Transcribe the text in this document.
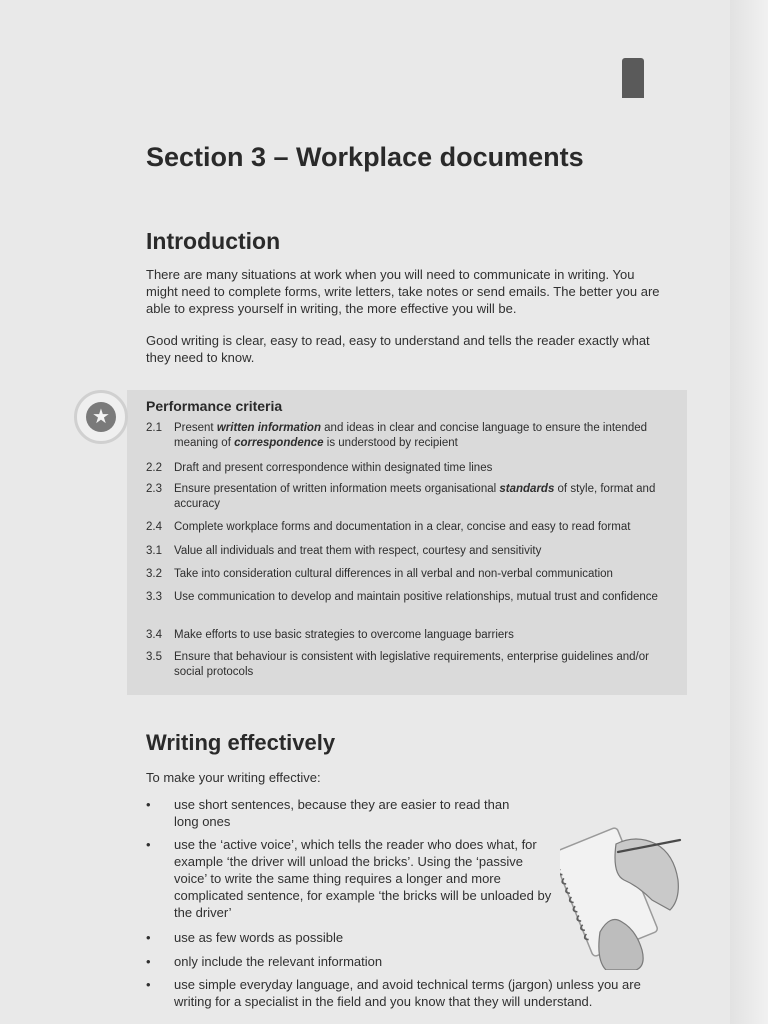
Section 3 – Workplace documents
Introduction

There are many situations at work when you will need to communicate in writing. You might need to complete forms, write letters, take notes or send emails. The better you are able to express yourself in writing, the more effective you will be.

Good writing is clear, easy to read, easy to understand and tells the reader exactly what they need to know.

★	Performance criteria
2.1 Present written information and ideas in clear and concise language to ensure the intended meaning of correspondence is understood by recipient
2.2 Draft and present correspondence within designated time lines
2.3 Ensure presentation of written information meets organisational standards of style, format and accuracy
2.4 Complete workplace forms and documentation in a clear, concise and easy to read format
3.1 Value all individuals and treat them with respect, courtesy and sensitivity
3.2 Take into consideration cultural differences in all verbal and non-verbal communication
3.3 Use communication to develop and maintain positive relationships, mutual trust and confidence
3.4 Make efforts to use basic strategies to overcome language barriers
3.5 Ensure that behaviour is consistent with legislative requirements, enterprise guidelines and/or social protocols
Writing effectively
To make your writing effective:
• use short sentences, because they are easier to read than long ones
• use the ‘active voice’, which tells the reader who does what, for example ‘the driver will unload the bricks’. Using the ‘passive voice’ to write the same thing requires a longer and more complicated sentence, for example ‘the bricks will be unloaded by the driver’
• use as few words as possible
• only include the relevant information
• use simple everyday language, and avoid technical terms (jargon) unless you are writing for a specialist in the field and you know that they will understand.
